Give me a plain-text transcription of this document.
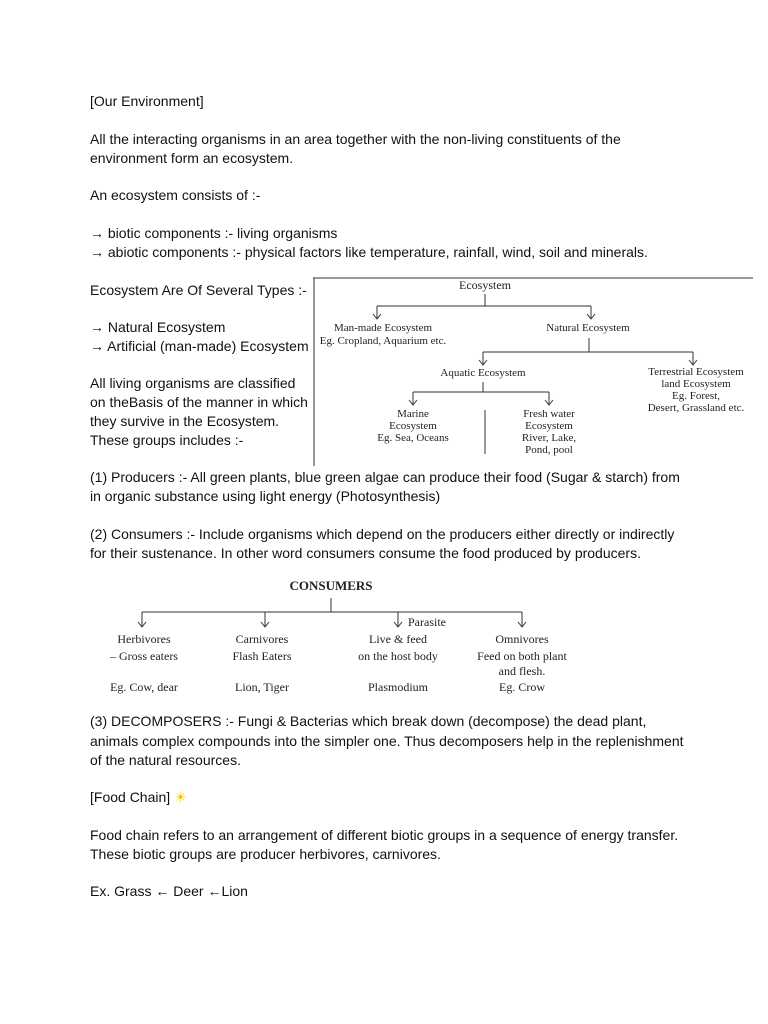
[Our Environment]
All the interacting organisms in an area together with the non-living constituents of the
environment form an ecosystem.
An ecosystem consists of :-
→ biotic components :- living organisms
→ abiotic components :- physical factors like temperature, rainfall, wind, soil and minerals.
Ecosystem Are Of Several Types :-
→ Natural Ecosystem
→ Artificial (man-made) Ecosystem
All living organisms are classified
on theBasis of the manner in which
they survive in the Ecosystem.
These groups includes :-
Ecosystem
Man-made Ecosystem
Eg. Cropland, Aquarium etc.
Natural Ecosystem
Aquatic Ecosystem	Terrestrial Ecosystem
land Ecosystem
Eg. Forest,
Desert, Grassland etc.
Marine
Ecosystem
Eg. Sea, Oceans
Fresh water
Ecosystem
River, Lake,
Pond, pool
(1) Producers :- All green plants, blue green algae can produce their food (Sugar & starch) from
in organic substance using light energy (Photosynthesis)
(2) Consumers :- Include organisms which depend on the producers either directly or indirectly
for their sustenance. In other word consumers consume the food produced by producers.
CONSUMERS
Parasite
Herbivores
– Gross eaters
Eg. Cow, dear
Carnivores
Flash Eaters
Lion, Tiger
Live & feed
on the host body
Plasmodium
Omnivores
Feed on both plant
and flesh.
Eg. Crow
(3) DECOMPOSERS :- Fungi & Bacterias which break down (decompose) the dead plant,
animals complex compounds into the simpler one. Thus decomposers help in the replenishment
of the natural resources.
[Food Chain] ☀
Food chain refers to an arrangement of different biotic groups in a sequence of energy transfer.
These biotic groups are producer herbivores, carnivores.
Ex. Grass ← Deer ←Lion
